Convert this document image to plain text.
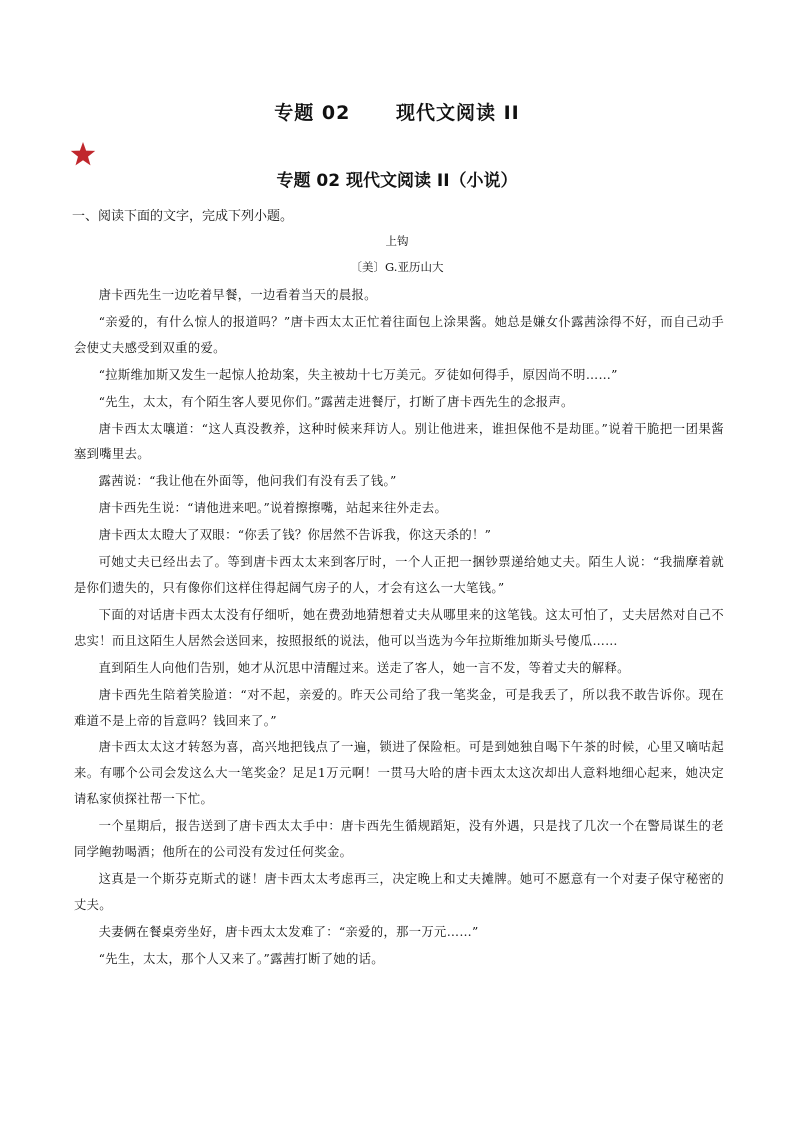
专题 02      现代文阅读 II
专题 02 现代文阅读 II（小说）

一、阅读下面的文字，完成下列小题。

上钩

〔美〕G.亚历山大

唐卡西先生一边吃着早餐，一边看着当天的晨报。

“亲爱的，有什么惊人的报道吗？”唐卡西太太正忙着往面包上涂果酱。她总是嫌女仆露茜涂得不好，而自己动手会使丈夫感受到双重的爱。

“拉斯维加斯又发生一起惊人抢劫案，失主被劫十七万美元。歹徒如何得手，原因尚不明……”

“先生，太太，有个陌生客人要见你们。”露茜走进餐厅，打断了唐卡西先生的念报声。

唐卡西太太嚷道：“这人真没教养，这种时候来拜访人。别让他进来，谁担保他不是劫匪。”说着干脆把一团果酱塞到嘴里去。

露茜说：“我让他在外面等，他问我们有没有丢了钱。”

唐卡西先生说：“请他进来吧。”说着擦擦嘴，站起来往外走去。

唐卡西太太瞪大了双眼：“你丢了钱？你居然不告诉我，你这天杀的！”

可她丈夫已经出去了。等到唐卡西太太来到客厅时，一个人正把一捆钞票递给她丈夫。陌生人说：“我揣摩着就是你们遗失的，只有像你们这样住得起阔气房子的人，才会有这么一大笔钱。”

下面的对话唐卡西太太没有仔细听，她在费劲地猜想着丈夫从哪里来的这笔钱。这太可怕了，丈夫居然对自己不忠实！而且这陌生人居然会送回来，按照报纸的说法，他可以当选为今年拉斯维加斯头号傻瓜……

直到陌生人向他们告别，她才从沉思中清醒过来。送走了客人，她一言不发，等着丈夫的解释。

唐卡西先生陪着笑脸道：“对不起，亲爱的。昨天公司给了我一笔奖金，可是我丢了，所以我不敢告诉你。现在难道不是上帝的旨意吗？钱回来了。”

唐卡西太太这才转怒为喜，高兴地把钱点了一遍，锁进了保险柜。可是到她独自喝下午茶的时候，心里又嘀咕起来。有哪个公司会发这么大一笔奖金？足足1万元啊！一贯马大哈的唐卡西太太这次却出人意料地细心起来，她决定请私家侦探社帮一下忙。

一个星期后，报告送到了唐卡西太太手中：唐卡西先生循规蹈矩，没有外遇，只是找了几次一个在警局谋生的老同学鲍勃喝酒；他所在的公司没有发过任何奖金。

这真是一个斯芬克斯式的谜！唐卡西太太考虑再三，决定晚上和丈夫摊牌。她可不愿意有一个对妻子保守秘密的丈夫。

夫妻俩在餐桌旁坐好，唐卡西太太发难了：“亲爱的，那一万元……”

“先生，太太，那个人又来了。”露茜打断了她的话。
